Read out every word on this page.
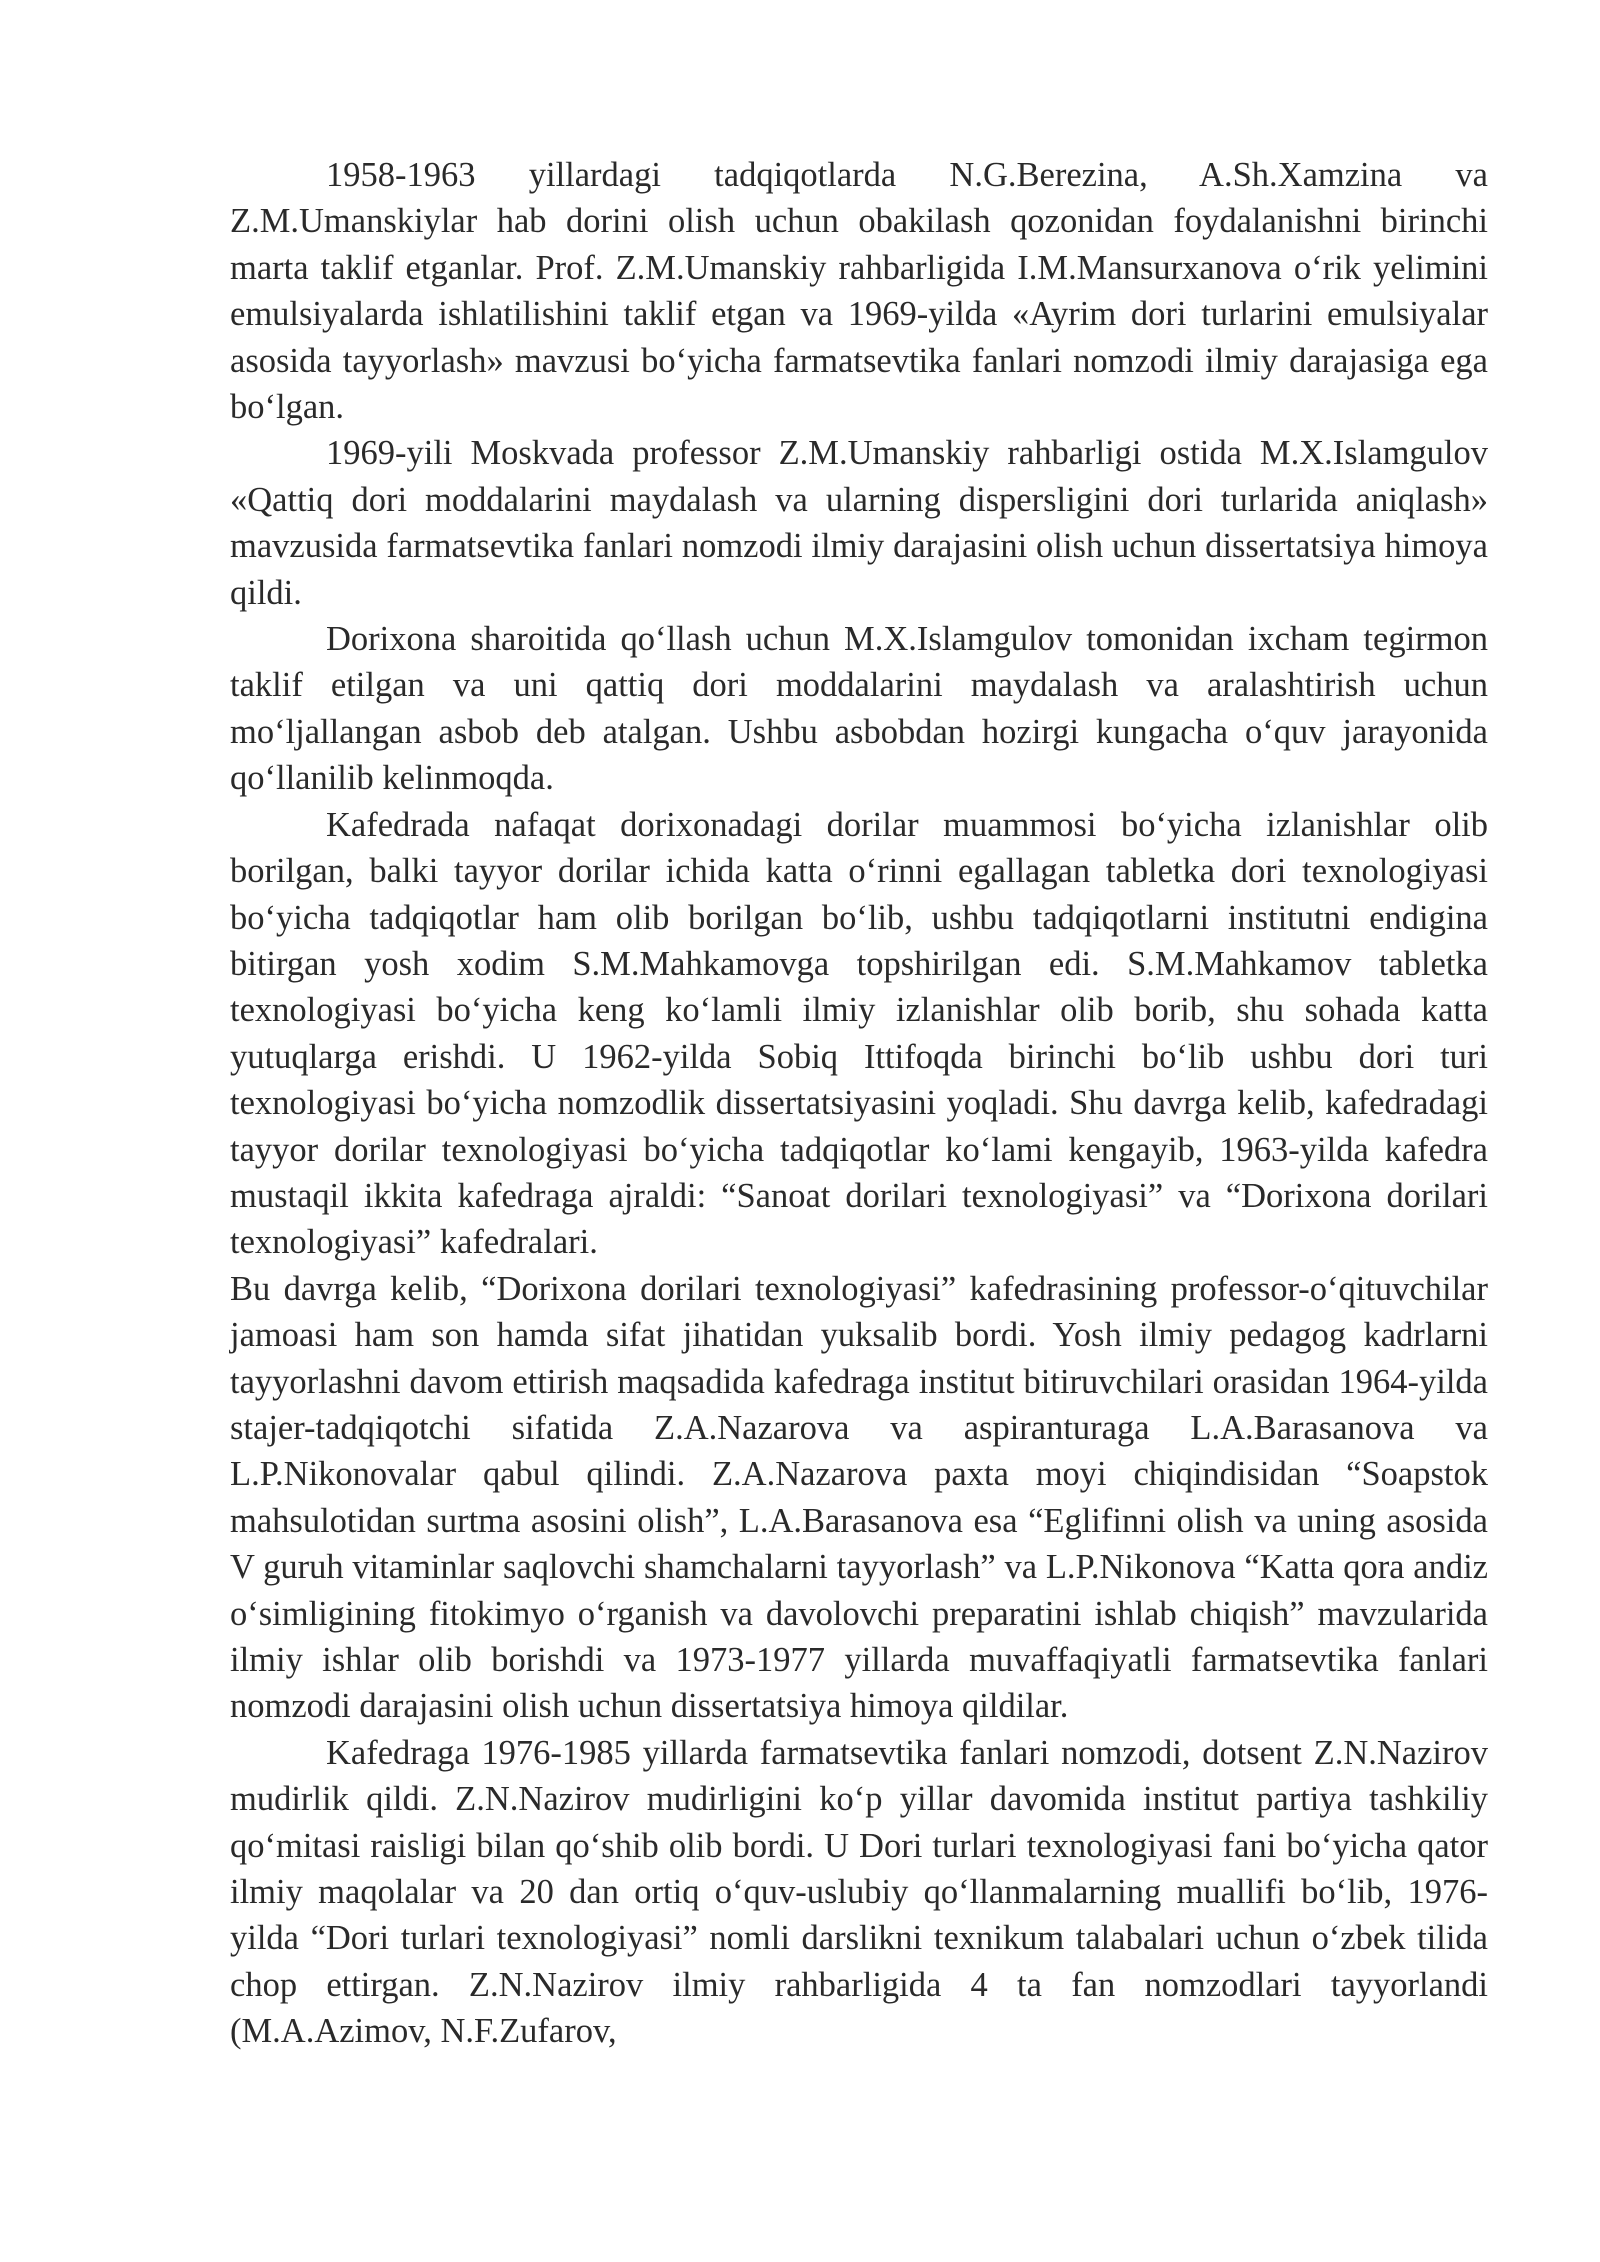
1958-1963 yillardagi tadqiqotlarda N.G.Berezina, A.Sh.Xamzina va Z.M.Umanskiylar hab dorini olish uchun obakilash qozonidan foydalanishni birinchi marta taklif etganlar. Prof. Z.M.Umanskiy rahbarligida I.M.Mansurxanova o‘rik yelimini emulsiyalarda ishlatilishini taklif etgan va 1969-yilda «Ayrim dori turlarini emulsiyalar asosida tayyorlash» mavzusi bo‘yicha farmatsevtika fanlari nomzodi ilmiy darajasiga ega bo‘lgan.

1969-yili Moskvada professor Z.M.Umanskiy rahbarligi ostida M.X.Islamgulov «Qattiq dori moddalarini maydalash va ularning dispersligini dori turlarida aniqlash» mavzusida farmatsevtika fanlari nomzodi ilmiy darajasini olish uchun dissertatsiya himoya qildi.

Dorixona sharoitida qo‘llash uchun M.X.Islamgulov tomonidan ixcham tegirmon taklif etilgan va uni qattiq dori moddalarini maydalash va aralashtirish uchun mo‘ljallangan asbob deb atalgan. Ushbu asbobdan hozirgi kungacha o‘quv jarayonida qo‘llanilib kelinmoqda.

Kafedrada nafaqat dorixonadagi dorilar muammosi bo‘yicha izlanishlar olib borilgan, balki tayyor dorilar ichida katta o‘rinni egallagan tabletka dori texnologiyasi bo‘yicha tadqiqotlar ham olib borilgan bo‘lib, ushbu tadqiqotlarni institutni endigina bitirgan yosh xodim S.M.Mahkamovga topshirilgan edi. S.M.Mahkamov tabletka texnologiyasi bo‘yicha keng ko‘lamli ilmiy izlanishlar olib borib, shu sohada katta yutuqlarga erishdi. U 1962-yilda Sobiq Ittifoqda birinchi bo‘lib ushbu dori turi texnologiyasi bo‘yicha nomzodlik dissertatsiyasini yoqladi. Shu davrga kelib, kafedradagi tayyor dorilar texnologiyasi bo‘yicha tadqiqotlar ko‘lami kengayib, 1963-yilda kafedra mustaqil ikkita kafedraga ajraldi: “Sanoat dorilari texnologiyasi” va “Dorixona dorilari texnologiyasi” kafedralari.

Bu davrga kelib, “Dorixona dorilari texnologiyasi” kafedrasining professor-o‘qituvchilar jamoasi ham son hamda sifat jihatidan yuksalib bordi. Yosh ilmiy pedagog kadrlarni tayyorlashni davom ettirish maqsadida kafedraga institut bitiruvchilari orasidan 1964-yilda stajer-tadqiqotchi sifatida Z.A.Nazarova va aspiranturaga L.A.Barasanova va L.P.Nikonovalar qabul qilindi. Z.A.Nazarova paxta moyi chiqindisidan “Soapstok mahsulotidan surtma asosini olish”, L.A.Barasanova esa “Eglifinni olish va uning asosida V guruh vitaminlar saqlovchi shamchalarni tayyorlash” va L.P.Nikonova “Katta qora andiz o‘simligining fitokimyo o‘rganish va davolovchi preparatini ishlab chiqish” mavzularida ilmiy ishlar olib borishdi va 1973-1977 yillarda muvaffaqiyatli farmatsevtika fanlari nomzodi darajasini olish uchun dissertatsiya himoya qildilar.

Kafedraga 1976-1985 yillarda farmatsevtika fanlari nomzodi, dotsent Z.N.Nazirov mudirlik qildi. Z.N.Nazirov mudirligini ko‘p yillar davomida institut partiya tashkiliy qo‘mitasi raisligi bilan qo‘shib olib bordi. U Dori turlari texnologiyasi fani bo‘yicha qator ilmiy maqolalar va 20 dan ortiq o‘quv-uslubiy qo‘llanmalarning muallifi bo‘lib, 1976-yilda “Dori turlari texnologiyasi” nomli darslikni texnikum talabalari uchun o‘zbek tilida chop ettirgan. Z.N.Nazirov ilmiy rahbarligida 4 ta fan nomzodlari tayyorlandi (M.A.Azimov, N.F.Zufarov,
